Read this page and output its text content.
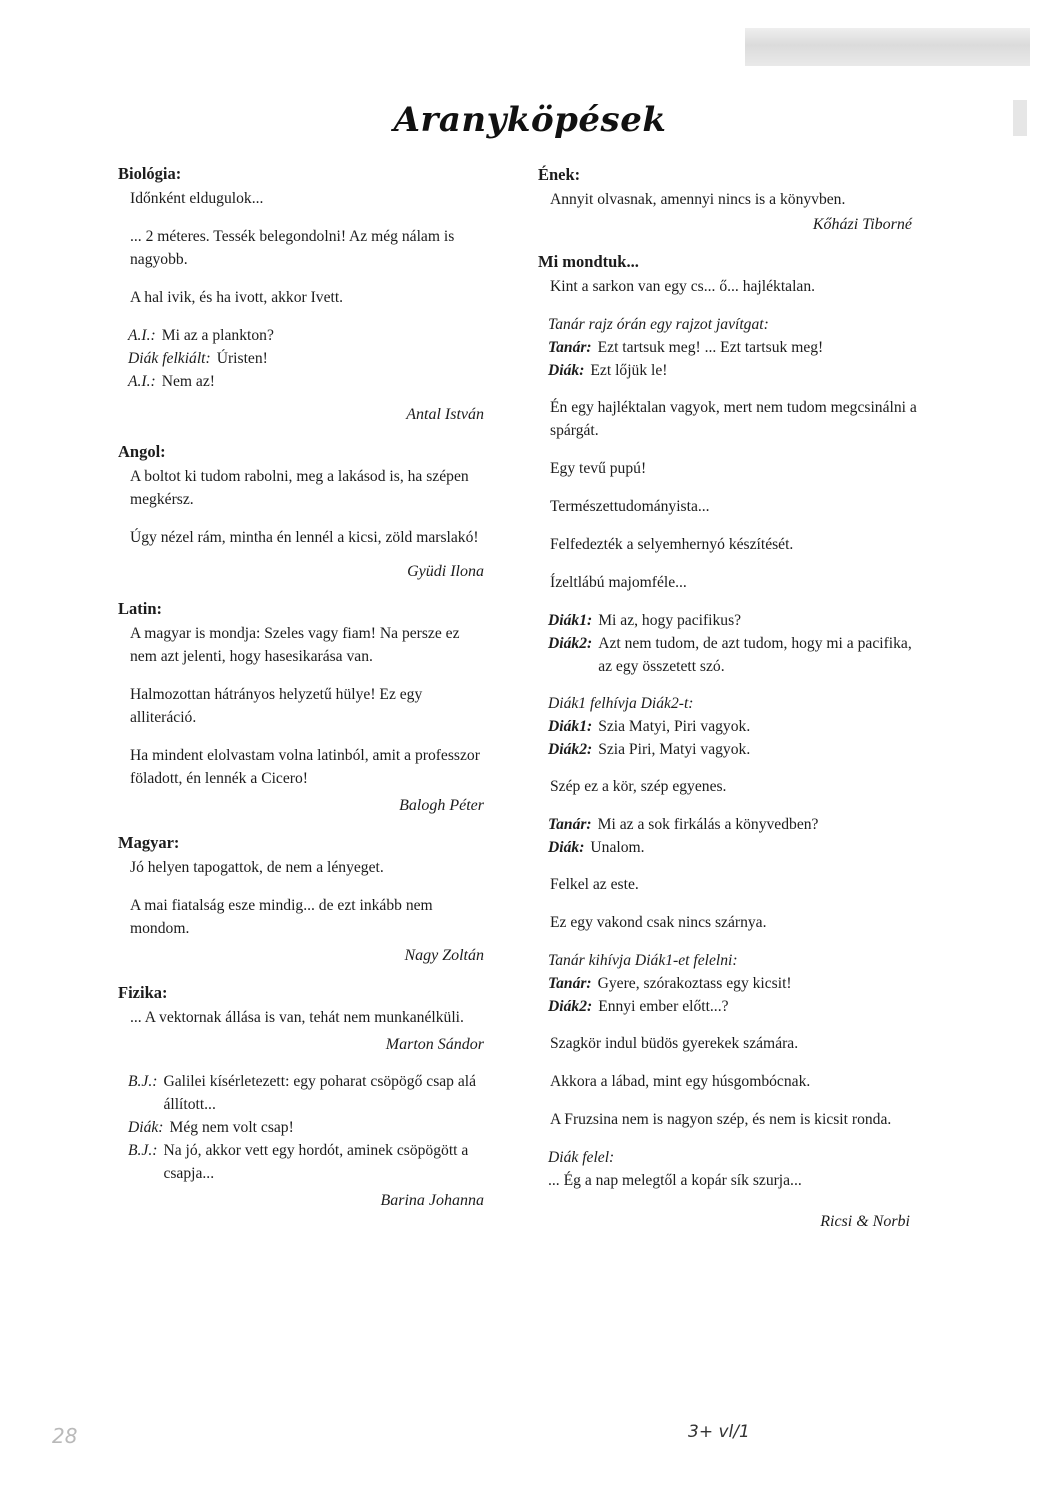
Aranyköpések
Biológia:
Időnként eldugulok...
... 2 méteres. Tessék belegondolni! Az még nálam is nagyobb.
A hal ivik, és ha ivott, akkor Ivett.
A.I.: Mi az a plankton?
Diák felkiált: Úristen!
A.I.: Nem az!
Antal István
Angol:
A boltot ki tudom rabolni, meg a lakásod is, ha szépen megkérsz.
Úgy nézel rám, mintha én lennél a kicsi, zöld marslakó!
Gyüdi Ilona
Latin:
A magyar is mondja: Szeles vagy fiam! Na persze ez nem azt jelenti, hogy hasesikarása van.
Halmozottan hátrányos helyzetű hülye! Ez egy alliteráció.
Ha mindent elolvastam volna latinból, amit a professzor föladott, én lennék a Cicero!
Balogh Péter
Magyar:
Jó helyen tapogattok, de nem a lényeget.
A mai fiatalság esze mindig... de ezt inkább nem mondom.
Nagy Zoltán
Fizika:
... A vektornak állása is van, tehát nem munkanélküli.
Marton Sándor
B.J.: Galilei kísérletezett: egy poharat csöpögő csap alá állított...
Diák: Még nem volt csap!
B.J.: Na jó, akkor vett egy hordót, aminek csöpögött a csapja...
Barina Johanna
Ének:
Annyit olvasnak, amennyi nincs is a könyvben.
Kőházi Tiborné
Mi mondtuk...
Kint a sarkon van egy cs... ő... hajléktalan.
Tanár rajz órán egy rajzot javítgat:
Tanár: Ezt tartsuk meg! ... Ezt tartsuk meg!
Diák: Ezt lőjük le!
Én egy hajléktalan vagyok, mert nem tudom megcsinálni a spárgát.
Egy tevű pupú!
Természettudományista...
Felfedezték a selyemhernyó készítését.
Ízeltlábú majomféle...
Diák1: Mi az, hogy pacifikus?
Diák2: Azt nem tudom, de azt tudom, hogy mi a pacifika, az egy összetett szó.
Diák1 felhívja Diák2-t:
Diák1: Szia Matyi, Piri vagyok.
Diák2: Szia Piri, Matyi vagyok.
Szép ez a kör, szép egyenes.
Tanár: Mi az a sok firkálás a könyvedben?
Diák: Unalom.
Felkel az este.
Ez egy vakond csak nincs szárnya.
Tanár kihívja Diák1-et felelni:
Tanár: Gyere, szórakoztass egy kicsit!
Diák2: Ennyi ember előtt...?
Szagkör indul büdös gyerekek számára.
Akkora a lábad, mint egy húsgombócnak.
A Fruzsina nem is nagyon szép, és nem is kicsit ronda.
Diák felel:
... Ég a nap melegtől a kopár sík szurja...
Ricsi & Norbi
28	3+ vl/1
